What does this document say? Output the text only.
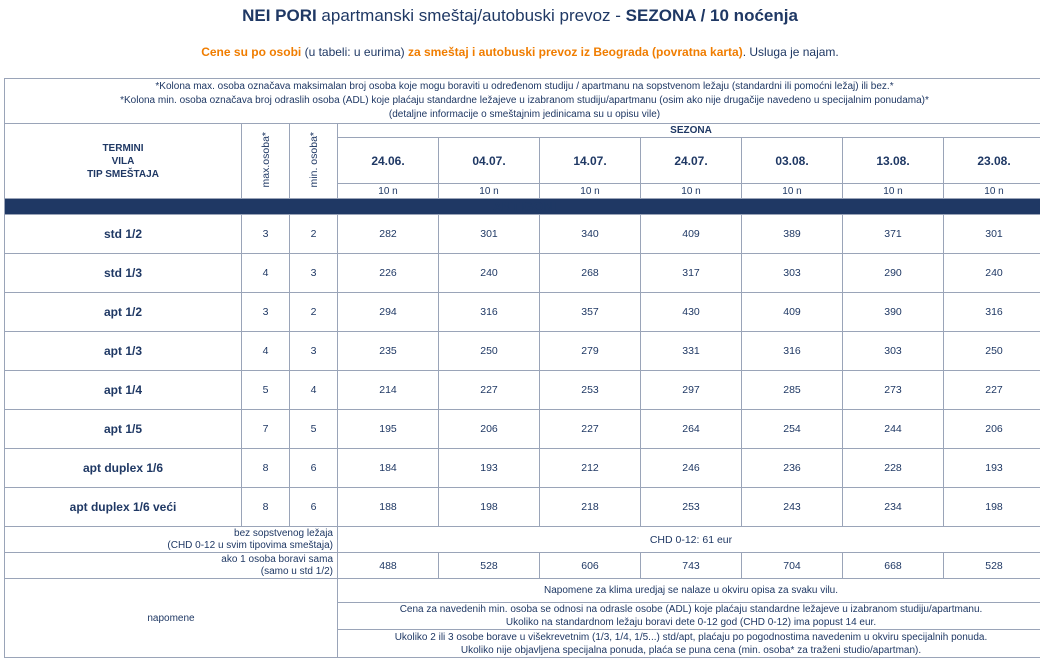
NEI PORI apartmanski smeštaj/autobuski prevoz - SEZONA / 10 noćenja
Cene su po osobi (u tabeli: u eurima) za smeštaj i autobuski prevoz iz Beograda (povratna karta). Usluga je najam.
*Kolona max. osoba označava maksimalan broj osoba koje mogu boraviti u određenom studiju / apartmanu na sopstvenom ležaju (standardni ili pomoćni ležaj) ili bez.*
*Kolona min. osoba označava broj odraslih osoba (ADL) koje plaćaju standardne ležajeve u izabranom studiju/apartmanu (osim ako nije drugačije navedeno u specijalnim ponudama)*
(detaljne informacije o smeštajnim jedinicama su u opisu vile)									

TERMINI
VILA
TIP SMEŠTAJA	max.osoba*	min. osoba*	SEZONA						
			24.06.	04.07.	14.07.	24.07.	03.08.	13.08.	23.08.
			10 n	10 n	10 n	10 n	10 n	10 n	10 n
ANTIGONI									
std 1/2	3	2	282	301	340	409	389	371	301
std 1/3	4	3	226	240	268	317	303	290	240
apt 1/2	3	2	294	316	357	430	409	390	316
apt 1/3	4	3	235	250	279	331	316	303	250
apt 1/4	5	4	214	227	253	297	285	273	227
apt 1/5	7	5	195	206	227	264	254	244	206
apt duplex 1/6	8	6	184	193	212	246	236	228	193
apt duplex 1/6 veći	8	6	188	198	218	253	243	234	198

bez sopstvenog ležaja
(CHD 0-12 u svim tipovima smeštaja)			CHD 0-12: 61 eur						

ako 1 osoba boravi sama
(samo u std 1/2)			488	528	606	743	704	668	528
napomene			Napomene za klima uredjaj se nalaze u okviru opisa za svaku vilu.						

			Cena za navedenih min. osoba se odnosi na odrasle osobe (ADL) koje plaćaju standardne ležajeve u izabranom studiju/apartmanu.
Ukoliko na standardnom ležaju boravi dete 0-12 god (CHD 0-12) ima popust 14 eur.						

			Ukoliko 2 ili 3 osobe borave u višekrevetnim (1/3, 1/4, 1/5...) std/apt, plaćaju po pogodnostima navedenim u okviru specijalnih ponuda.
Ukoliko nije objavljena specijalna ponuda, plaća se puna cena (min. osoba* za traženi studio/apartman).						
